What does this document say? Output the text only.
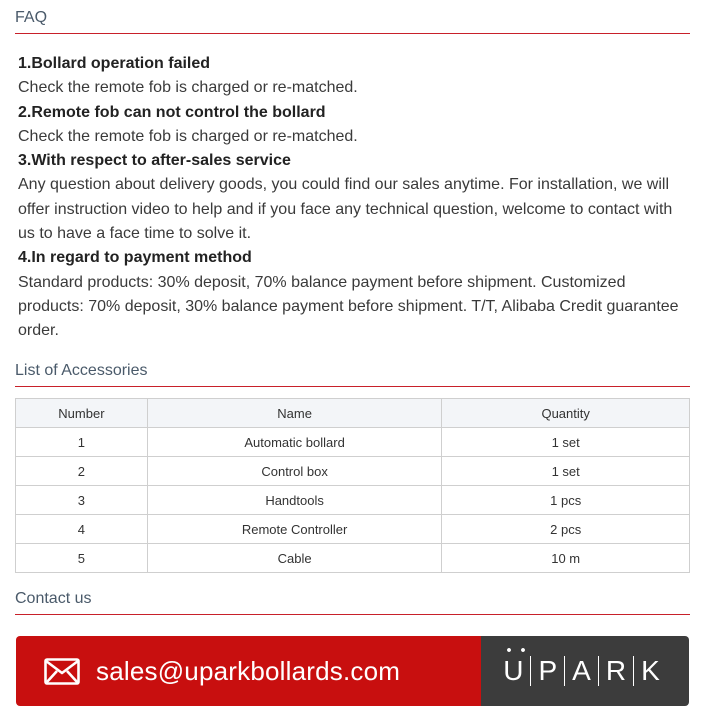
FAQ
1.Bollard operation failed
Check the remote fob is charged or re-matched.
2.Remote fob can not control the bollard
Check the remote fob is charged or re-matched.
3.With respect to after-sales service
Any question about delivery goods, you could find our sales anytime. For installation, we will offer instruction video to help and if you face any technical question, welcome to contact with us to have a face time to solve it.
4.In regard to payment method
Standard products: 30% deposit, 70% balance payment before shipment. Customized products: 70% deposit, 30% balance payment before shipment. T/T, Alibaba Credit guarantee order.
List of Accessories
Number	Name	Quantity
1	Automatic bollard	1 set
2	Control box	1 set
3	Handtools	1 pcs
4	Remote Controller	2 pcs
5	Cable	10 m
Contact us
sales@uparkbollards.com	U P A R K
